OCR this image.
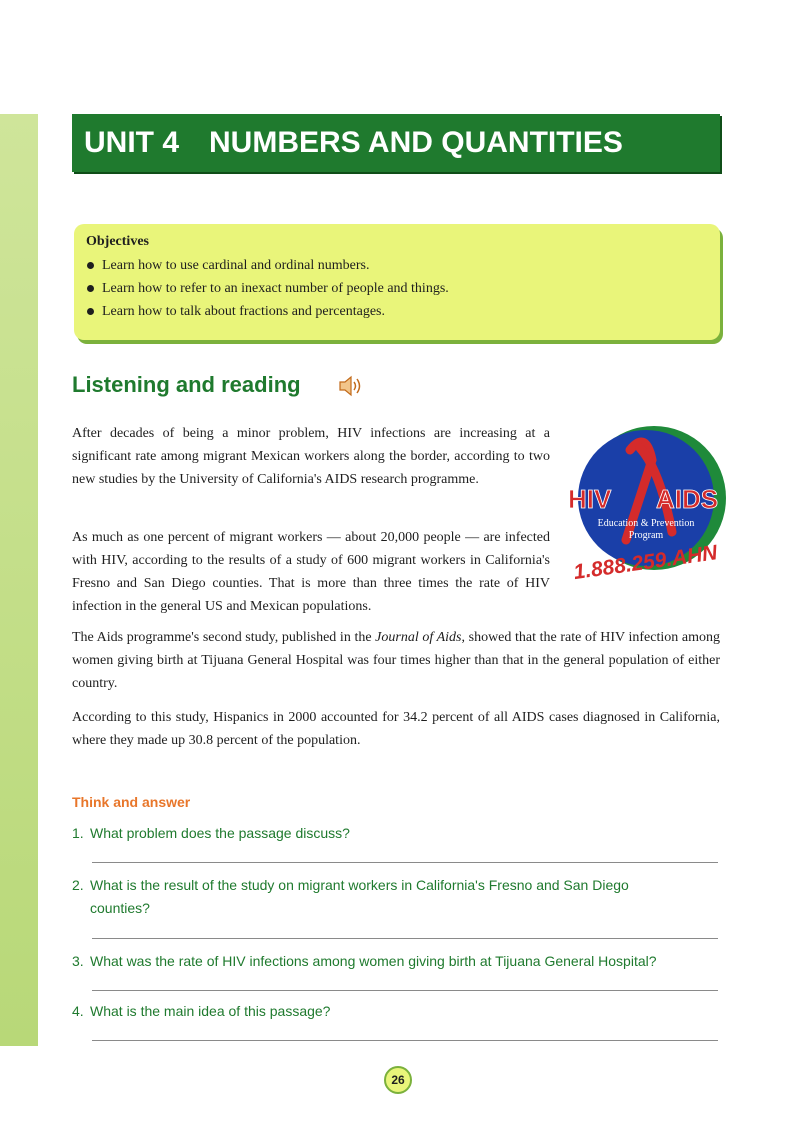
UNIT 4 NUMBERS AND QUANTITIES
Objectives
Learn how to use cardinal and ordinal numbers.
Learn how to refer to an inexact number of people and things.
Learn how to talk about fractions and percentages.
Listening and reading
After decades of being a minor problem, HIV infections are increasing at a significant rate among migrant Mexican workers along the border, according to two new studies by the University of California's AIDS research programme.
As much as one percent of migrant workers — about 20,000 people — are infected with HIV, according to the results of a study of 600 migrant workers in California's Fresno and San Diego counties. That is more than three times the rate of HIV infection in the general US and Mexican populations.
The Aids programme's second study, published in the Journal of Aids, showed that the rate of HIV infection among women giving birth at Tijuana General Hospital was four times higher than that in the general population of either country.
According to this study, Hispanics in 2000 accounted for 34.2 percent of all AIDS cases diagnosed in California, where they made up 30.8 percent of the population.
HIV AIDS
Education & Prevention
Program
1.888.259.AHN
Think and answer
1. What problem does the passage discuss?
2. What is the result of the study on migrant workers in California's Fresno and San Diego
counties?
3. What was the rate of HIV infections among women giving birth at Tijuana General Hospital?
4. What is the main idea of this passage?
26
